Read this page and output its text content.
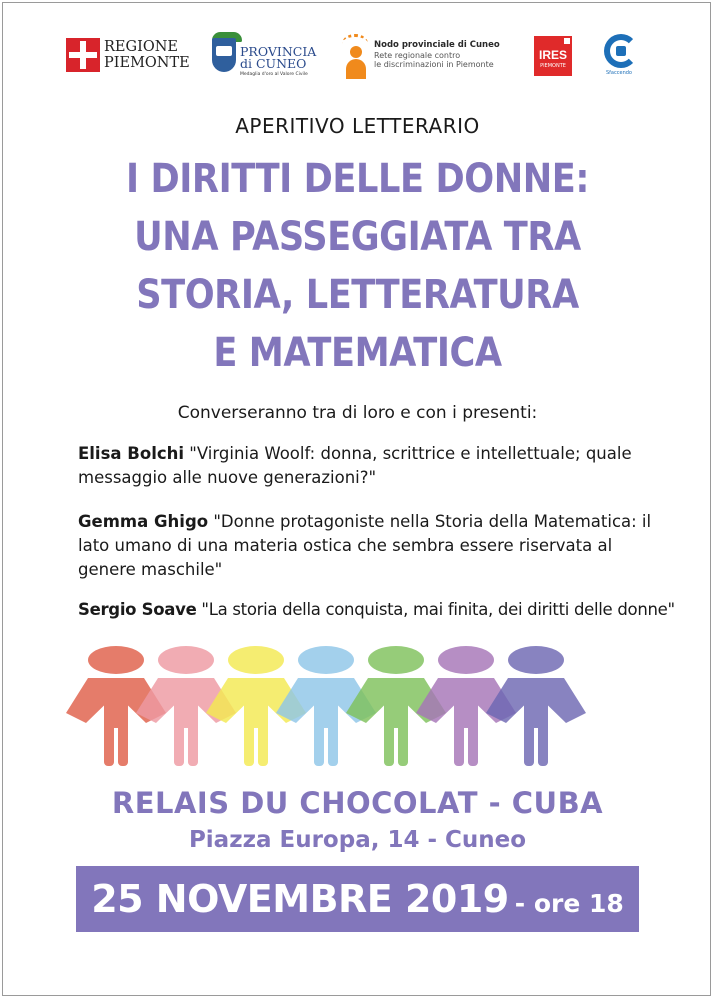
REGIONE
PIEMONTE
PROVINCIA
di CUNEO
Medaglia d'oro al Valore Civile
Nodo provinciale di Cuneo
Rete regionale contro
le discriminazioni in Piemonte
IRES
PIEMONTE
Sfaccendo
APERITIVO LETTERARIO
I DIRITTI DELLE DONNE:
UNA PASSEGGIATA TRA
STORIA, LETTERATURA
E MATEMATICA
Converseranno tra di loro e con i presenti:
Elisa Bolchi "Virginia Woolf: donna, scrittrice e intellettuale; quale messaggio alle nuove generazioni?"
Gemma Ghigo "Donne protagoniste nella Storia della Matematica: il lato umano di una materia ostica che sembra essere riservata al genere maschile"
Sergio Soave "La storia della conquista, mai finita, dei diritti delle donne"
RELAIS DU CHOCOLAT - CUBA
Piazza Europa, 14 - Cuneo
25 NOVEMBRE 2019 - ore 18
